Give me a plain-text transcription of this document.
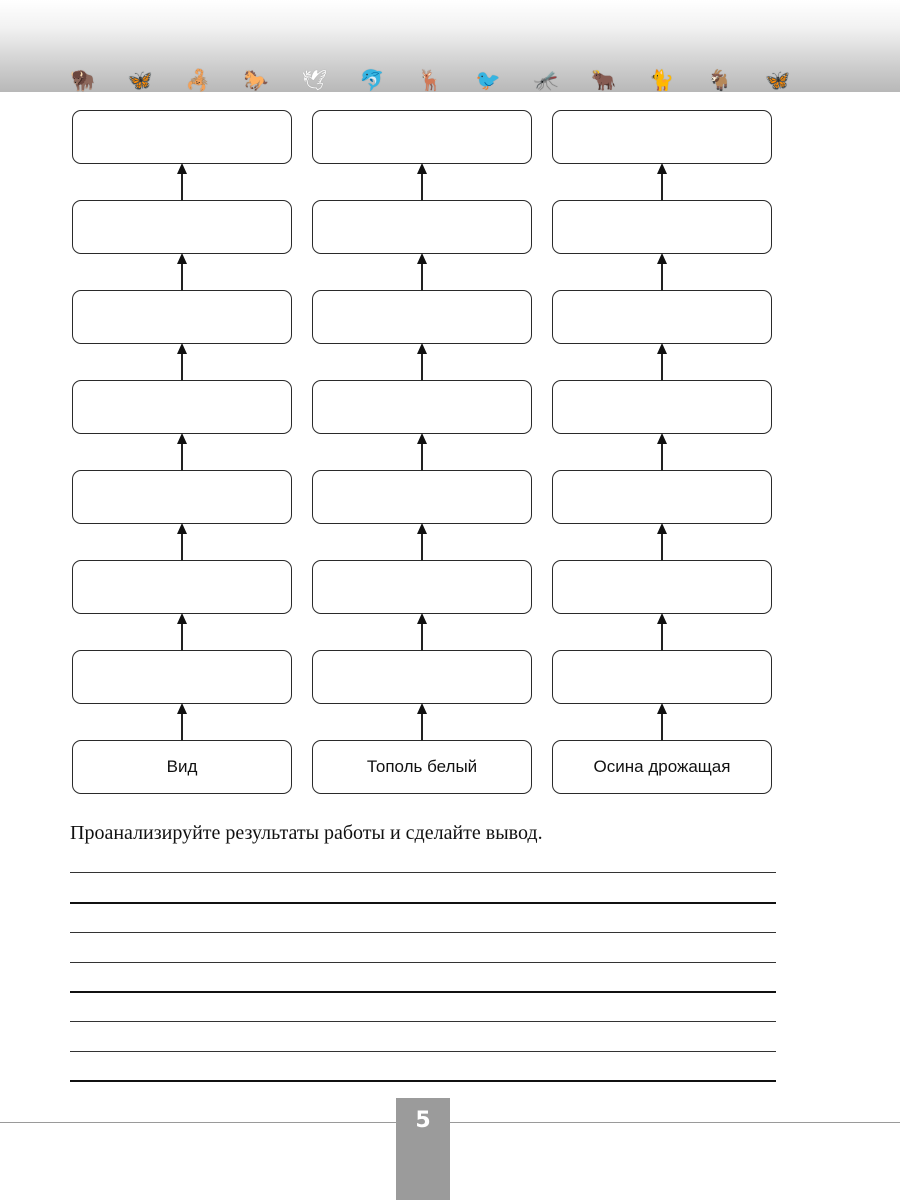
🦬 🦋 🦂 🐎 🕊 🐬 🦌 🐦 🦟 🐂 🐈 🐐 🦋
Вид	Тополь белый	Осина дрожащая
Проанализируйте результаты работы и сделайте вывод.
5
